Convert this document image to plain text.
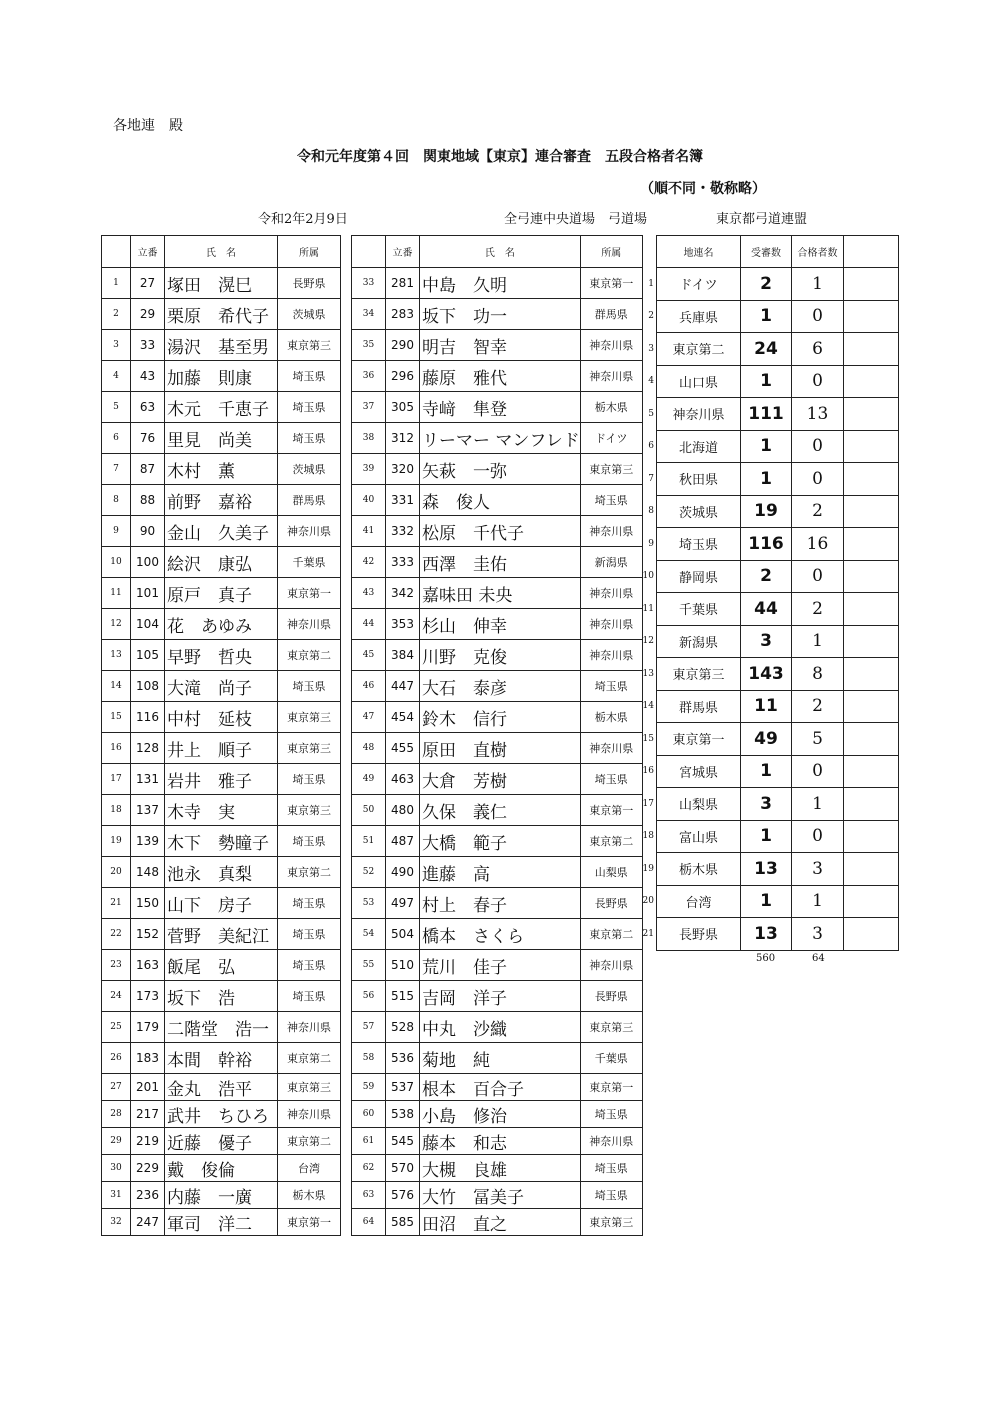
各地連　殿
令和元年度第４回　関東地域【東京】連合審査　五段合格者名簿
（順不同・敬称略）
令和2年2月9日	全弓連中央道場　弓道場	東京都弓道連盟
	立番	氏　名	所属
1	27	塚田　滉巳	長野県
2	29	栗原　希代子	茨城県
3	33	湯沢　基至男	東京第三
4	43	加藤　則康	埼玉県
5	63	木元　千恵子	埼玉県
6	76	里見　尚美	埼玉県
7	87	木村　薫	茨城県
8	88	前野　嘉裕	群馬県
9	90	金山　久美子	神奈川県
10	100	絵沢　康弘	千葉県
11	101	原戸　真子	東京第一
12	104	花　あゆみ	神奈川県
13	105	早野　哲央	東京第二
14	108	大滝　尚子	埼玉県
15	116	中村　延枝	東京第三
16	128	井上　順子	東京第三
17	131	岩井　雅子	埼玉県
18	137	木寺　実	東京第三
19	139	木下　勢瞳子	埼玉県
20	148	池永　真梨	東京第二
21	150	山下　房子	埼玉県
22	152	菅野　美紀江	埼玉県
23	163	飯尾　弘	埼玉県
24	173	坂下　浩	埼玉県
25	179	二階堂　浩一	神奈川県
26	183	本間　幹裕	東京第二
27	201	金丸　浩平	東京第三
28	217	武井　ちひろ	神奈川県
29	219	近藤　優子	東京第二
30	229	戴　俊倫	台湾
31	236	内藤　一廣	栃木県
32	247	軍司　洋二	東京第一
	立番	氏　名	所属
33	281	中島　久明	東京第一
34	283	坂下　功一	群馬県
35	290	明吉　智幸	神奈川県
36	296	藤原　雅代	神奈川県
37	305	寺﨑　隼登	栃木県
38	312	リーマー マンフレド	ドイツ
39	320	矢萩　一弥	東京第三
40	331	森　俊人	埼玉県
41	332	松原　千代子	神奈川県
42	333	西澤　圭佑	新潟県
43	342	嘉味田 未央	神奈川県
44	353	杉山　伸幸	神奈川県
45	384	川野　克俊	神奈川県
46	447	大石　泰彦	埼玉県
47	454	鈴木　信行	栃木県
48	455	原田　直樹	神奈川県
49	463	大倉　芳樹	埼玉県
50	480	久保　義仁	東京第一
51	487	大橋　範子	東京第二
52	490	進藤　高	山梨県
53	497	村上　春子	長野県
54	504	橋本　さくら	東京第二
55	510	荒川　佳子	神奈川県
56	515	吉岡　洋子	長野県
57	528	中丸　沙織	東京第三
58	536	菊地　純	千葉県
59	537	根本　百合子	東京第一
60	538	小島　修治	埼玉県
61	545	藤本　和志	神奈川県
62	570	大槻　良雄	埼玉県
63	576	大竹　冨美子	埼玉県
64	585	田沼　直之	東京第三
	地連名	受審数	合格者数	

1	ドイツ	2	1	

2	兵庫県	1	0	

3	東京第二	24	6	

4	山口県	1	0	

5	神奈川県	111	13	

6	北海道	1	0	

7	秋田県	1	0	

8	茨城県	19	2	

9	埼玉県	116	16	

10	静岡県	2	0	

11	千葉県	44	2	

12	新潟県	3	1	

13	東京第三	143	8	

14	群馬県	11	2	

15	東京第一	49	5	

16	宮城県	1	0	

17	山梨県	3	1	

18	富山県	1	0	

19	栃木県	13	3	

20	台湾	1	1	

21	長野県	13	3	
560	64
